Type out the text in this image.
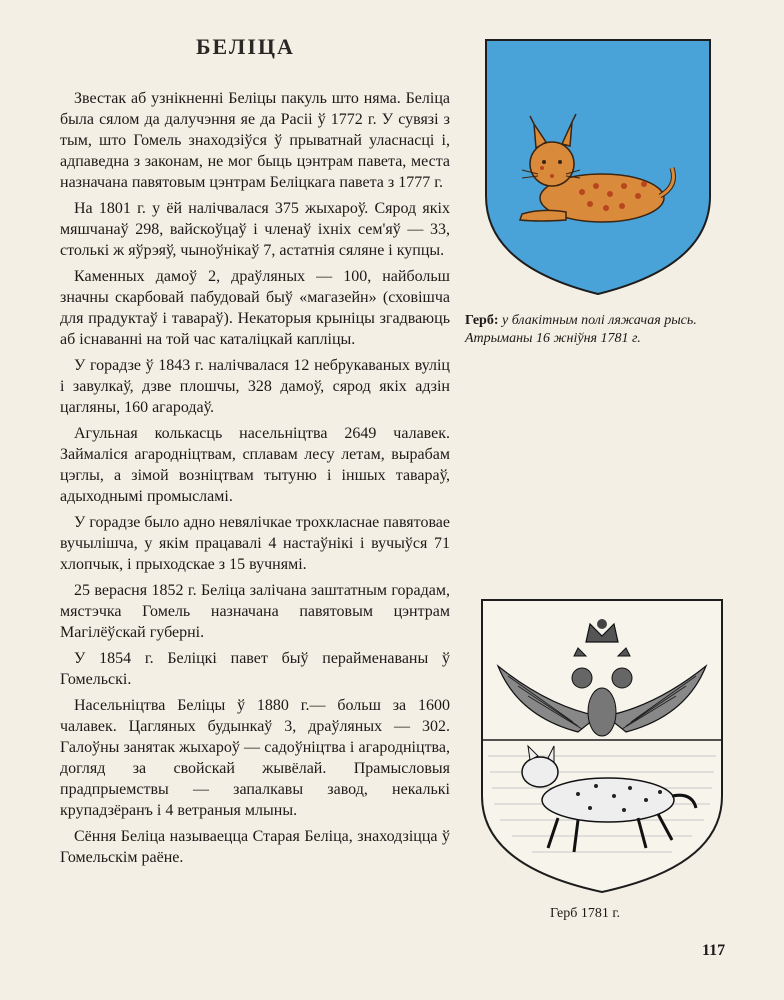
БЕЛІЦА

Звестак аб узнікненні Беліцы пакуль што няма. Беліца была сялом да далучэння яе да Расіі ў 1772 г. У сувязі з тым, што Гомель знаходзіўся ў прыватнай уласнасці і, адпаведна з законам, не мог быць цэнтрам павета, места назначана павятовым цэнтрам Беліцкага павета з 1777 г.

На 1801 г. у ёй налічвалася 375 жыхароў. Сярод якіх мяшчанаў 298, вайскоўцаў і членаў іхніх сем'яў — 33, столькі ж яўрэяў, чыноўнікаў 7, астатнія сяляне і купцы.

Каменных дамоў 2, драўляных — 100, найбольш значны скарбовай пабудовай быў «магазейн» (сховішча для прадуктаў і тавараў). Некаторыя крыніцы згадваюць аб існаванні на той час каталіцкай капліцы.

У горадзе ў 1843 г. налічвалася 12 небрукаваных вуліц і завулкаў, дзве плошчы, 328 дамоў, сярод якіх адзін цагляны, 160 агародаў.

Агульная колькасць насельніцтва 2649 чалавек. Займаліся агародніцтвам, сплавам лесу летам, вырабам цэглы, а зімой возніцтвам тытуню і іншых тавараў, адыходнымі промысламі.

У горадзе было адно невялічкае трохкласнае павятовае вучылішча, у якім працавалі 4 настаўнікі і вучыўся 71 хлопчык, і прыходскае з 15 вучнямі.

25 верасня 1852 г. Беліца залічана заштатным горадам, мястэчка Гомель назначана павятовым цэнтрам Магілёўскай губерні.

У 1854 г. Беліцкі павет быў перайменаваны ў Гомельскі.

Насельніцтва Беліцы ў 1880 г.— больш за 1600 чалавек. Цагляных будынкаў 3, драўляных — 302. Галоўны занятак жыхароў — садоўніцтва і агародніцтва, догляд за свойскай жывёлай. Прамысловыя прадпрыемствы — запалкавы завод, некалькі крупадзёранъ і 4 ветраныя млыны.

Сёння Беліца называецца Старая Беліца, знаходзіцца ў Гомельскім раёне.

Герб: у блакітным полі ляжачая рысь. Атрыманы 16 жніўня 1781 г.
Герб 1781 г.
117
